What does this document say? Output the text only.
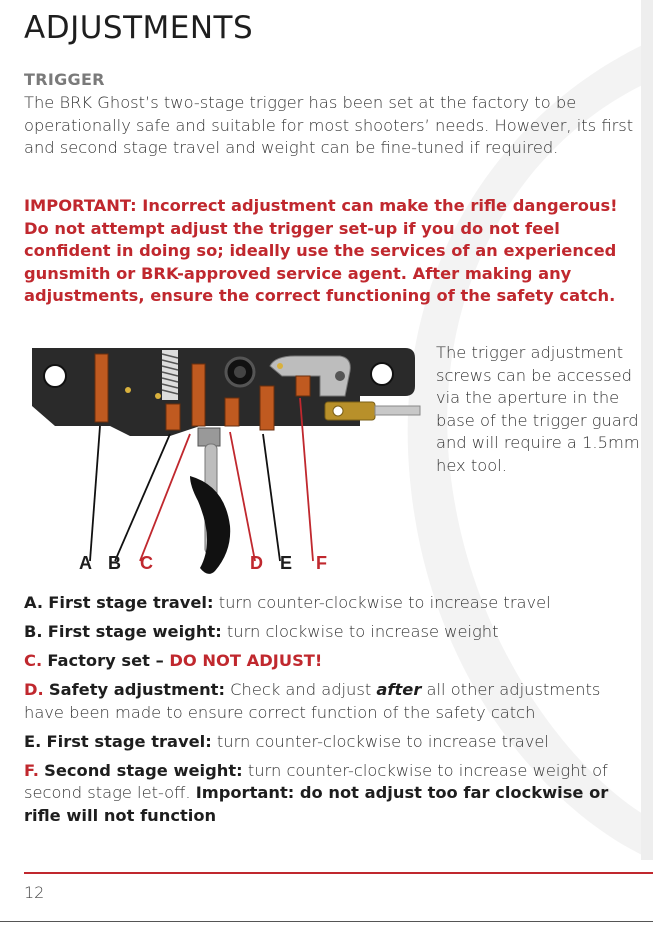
ADJUSTMENTS
TRIGGER

The BRK Ghost’s two-stage trigger has been set at the factory to be operationally safe and suitable for most shooters’ needs. However, its first and second stage travel and weight can be fine-tuned if required.

IMPORTANT: Incorrect adjustment can make the rifle dangerous! Do not attempt adjust the trigger set-up if you do not feel confident in doing so; ideally use the services of an experienced gunsmith or BRK-approved service agent. After making any adjustments, ensure the correct functioning of the safety catch.

A B C	D E F

The trigger adjustment screws can be accessed via the aperture in the base of the trigger guard and will require a 1.5mm hex tool.

A. First stage travel: turn counter-clockwise to increase travel
B. First stage weight: turn clockwise to increase weight
C. Factory set – DO NOT ADJUST!
D. Safety adjustment: Check and adjust after all other adjustments have been made to ensure correct function of the safety catch
E. First stage travel: turn counter-clockwise to increase travel
F. Second stage weight: turn counter-clockwise to increase weight of second stage let-off. Important: do not adjust too far clockwise or rifle will not function

12
